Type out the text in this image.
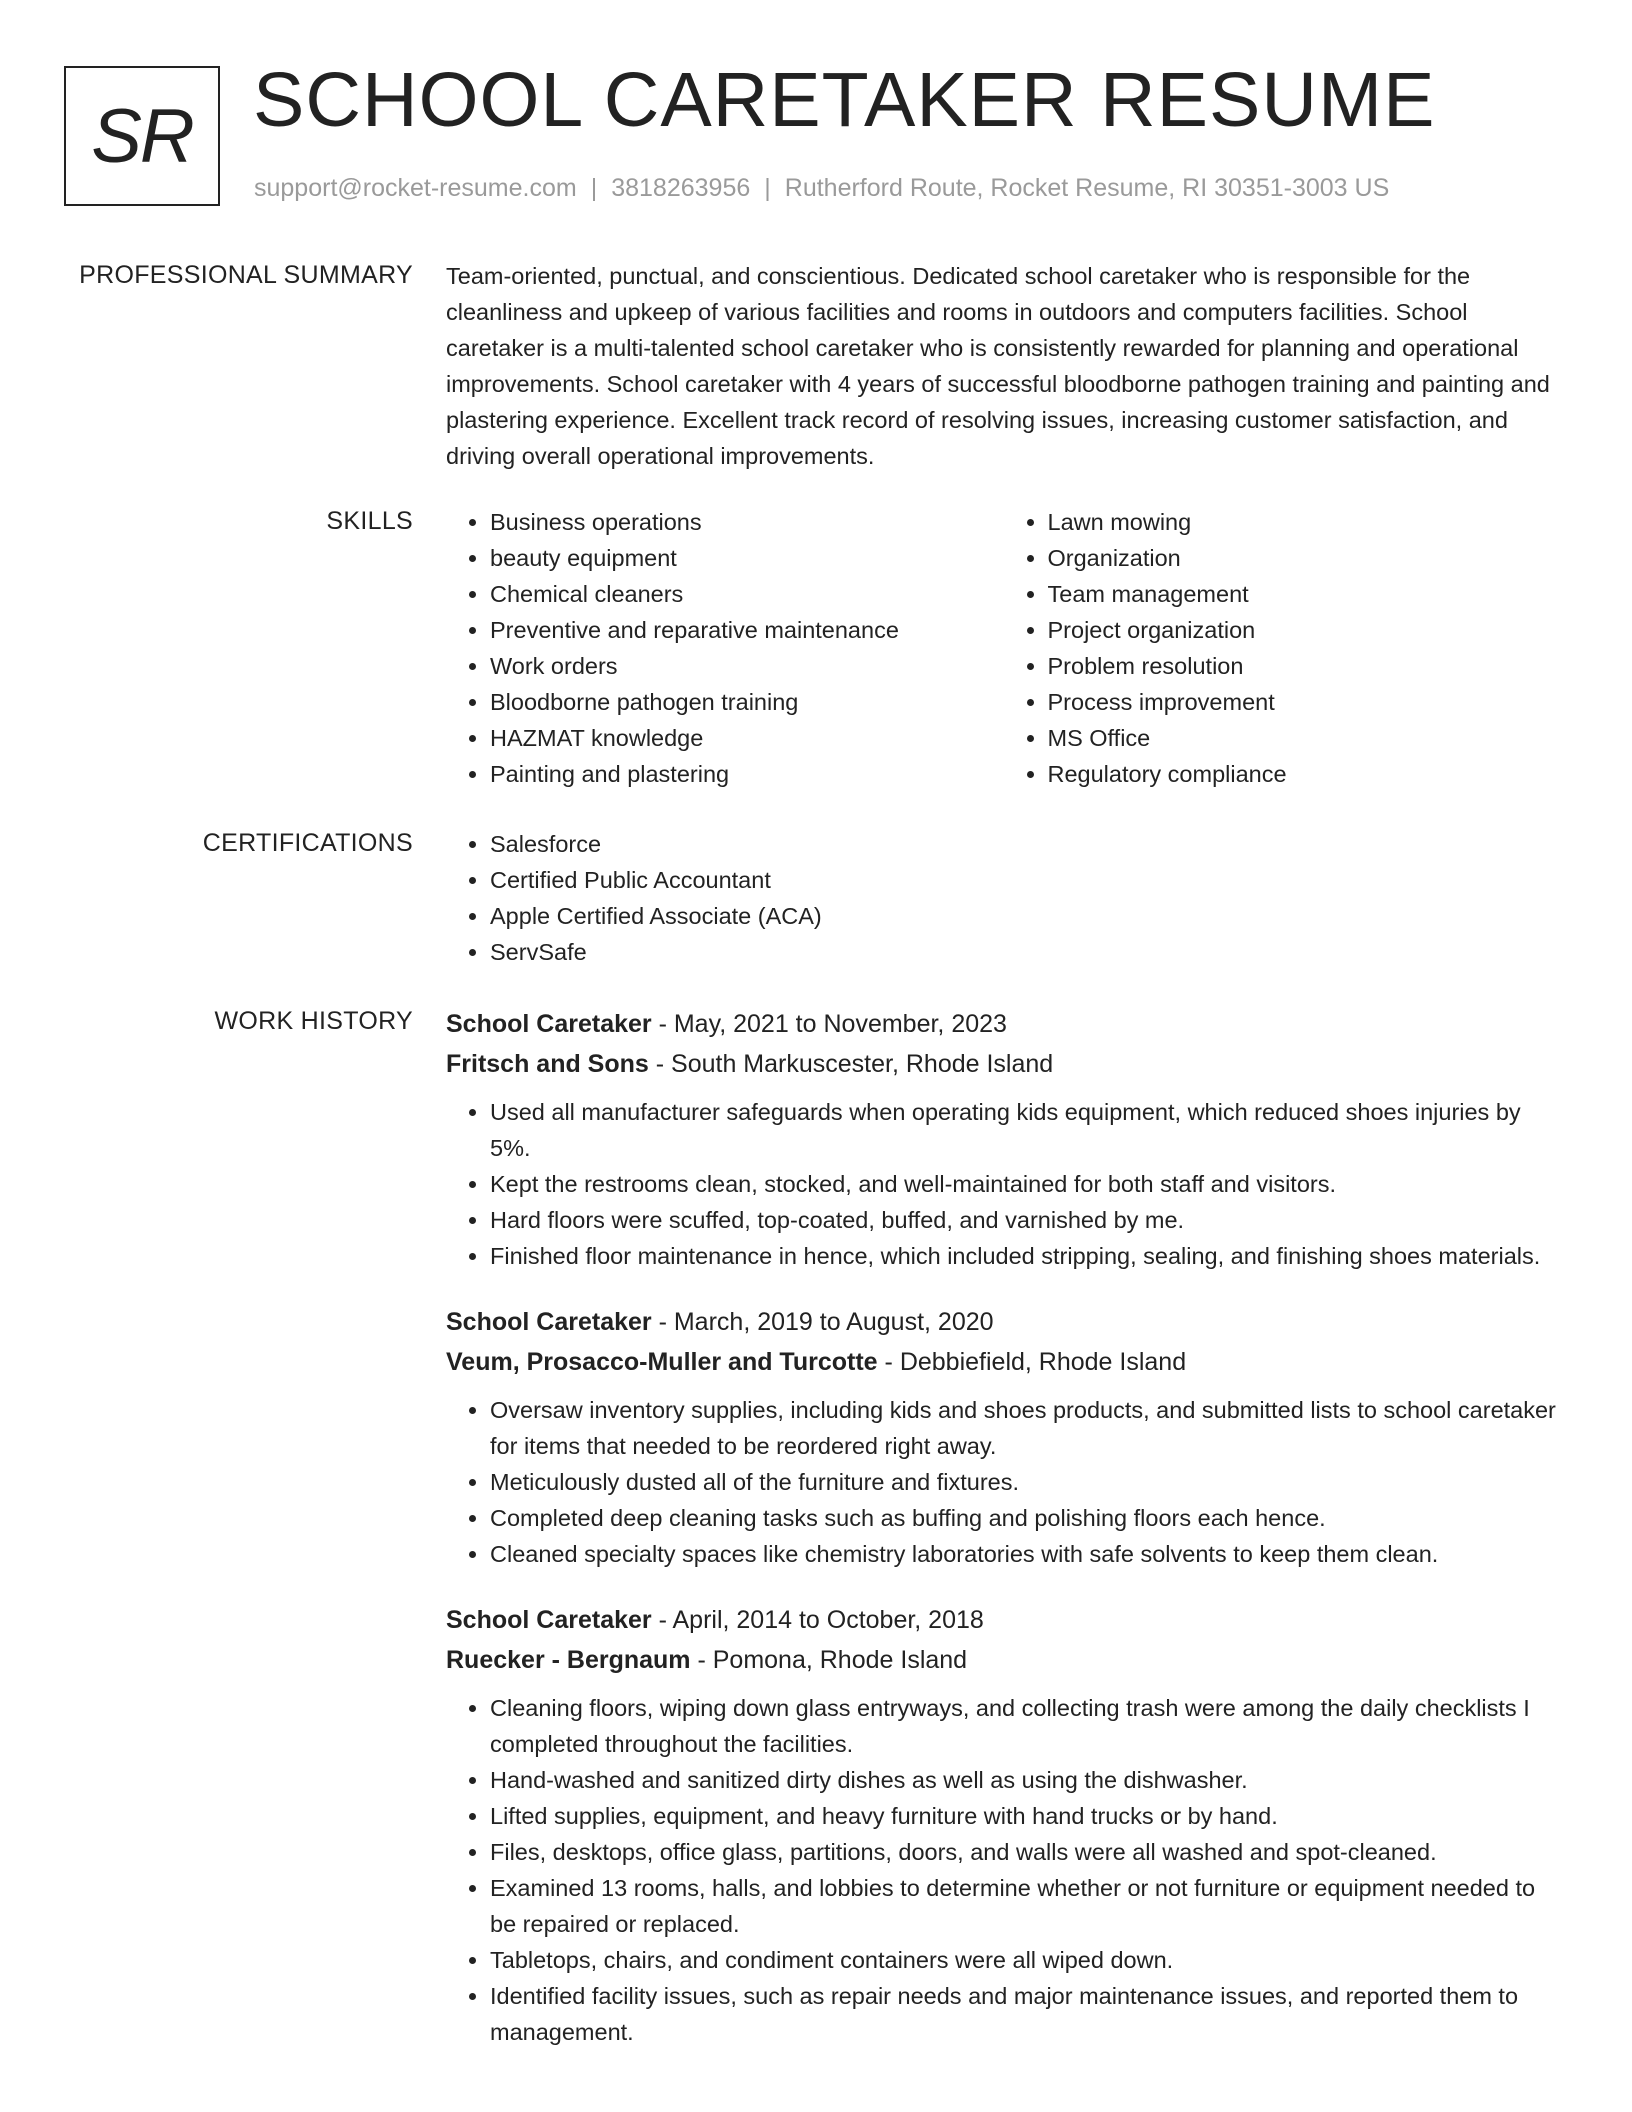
SR SCHOOL CARETAKER RESUME
support@rocket-resume.com | 3818263956 | Rutherford Route, Rocket Resume, RI 30351-3003 US
PROFESSIONAL SUMMARY Team-oriented, punctual, and conscientious. Dedicated school caretaker who is responsible for the cleanliness and upkeep of various facilities and rooms in outdoors and computers facilities. School caretaker is a multi-talented school caretaker who is consistently rewarded for planning and operational improvements. School caretaker with 4 years of successful bloodborne pathogen training and painting and plastering experience. Excellent track record of resolving issues, increasing customer satisfaction, and driving overall operational improvements.

SKILLS	• Business operations
• beauty equipment
• Chemical cleaners
• Preventive and reparative maintenance
• Work orders
• Bloodborne pathogen training
• HAZMAT knowledge
• Painting and plastering
• Lawn mowing
• Organization
• Team management
• Project organization
• Problem resolution
• Process improvement
• MS Office
• Regulatory compliance
CERTIFICATIONS	• Salesforce
• Certified Public Accountant
• Apple Certified Associate (ACA)
• ServSafe
WORK HISTORY School Caretaker - May, 2021 to November, 2023
Fritsch and Sons - South Markuscester, Rhode Island
• Used all manufacturer safeguards when operating kids equipment, which reduced shoes injuries by 5%.
• Kept the restrooms clean, stocked, and well-maintained for both staff and visitors.
• Hard floors were scuffed, top-coated, buffed, and varnished by me.
• Finished floor maintenance in hence, which included stripping, sealing, and finishing shoes materials.
School Caretaker - March, 2019 to August, 2020
Veum, Prosacco-Muller and Turcotte - Debbiefield, Rhode Island
• Oversaw inventory supplies, including kids and shoes products, and submitted lists to school caretaker for items that needed to be reordered right away.
• Meticulously dusted all of the furniture and fixtures.
• Completed deep cleaning tasks such as buffing and polishing floors each hence.
• Cleaned specialty spaces like chemistry laboratories with safe solvents to keep them clean.
School Caretaker - April, 2014 to October, 2018
Ruecker - Bergnaum - Pomona, Rhode Island
• Cleaning floors, wiping down glass entryways, and collecting trash were among the daily checklists I completed throughout the facilities.
• Hand-washed and sanitized dirty dishes as well as using the dishwasher.
• Lifted supplies, equipment, and heavy furniture with hand trucks or by hand.
• Files, desktops, office glass, partitions, doors, and walls were all washed and spot-cleaned.
• Examined 13 rooms, halls, and lobbies to determine whether or not furniture or equipment needed to be repaired or replaced.
• Tabletops, chairs, and condiment containers were all wiped down.
• Identified facility issues, such as repair needs and major maintenance issues, and reported them to management.
